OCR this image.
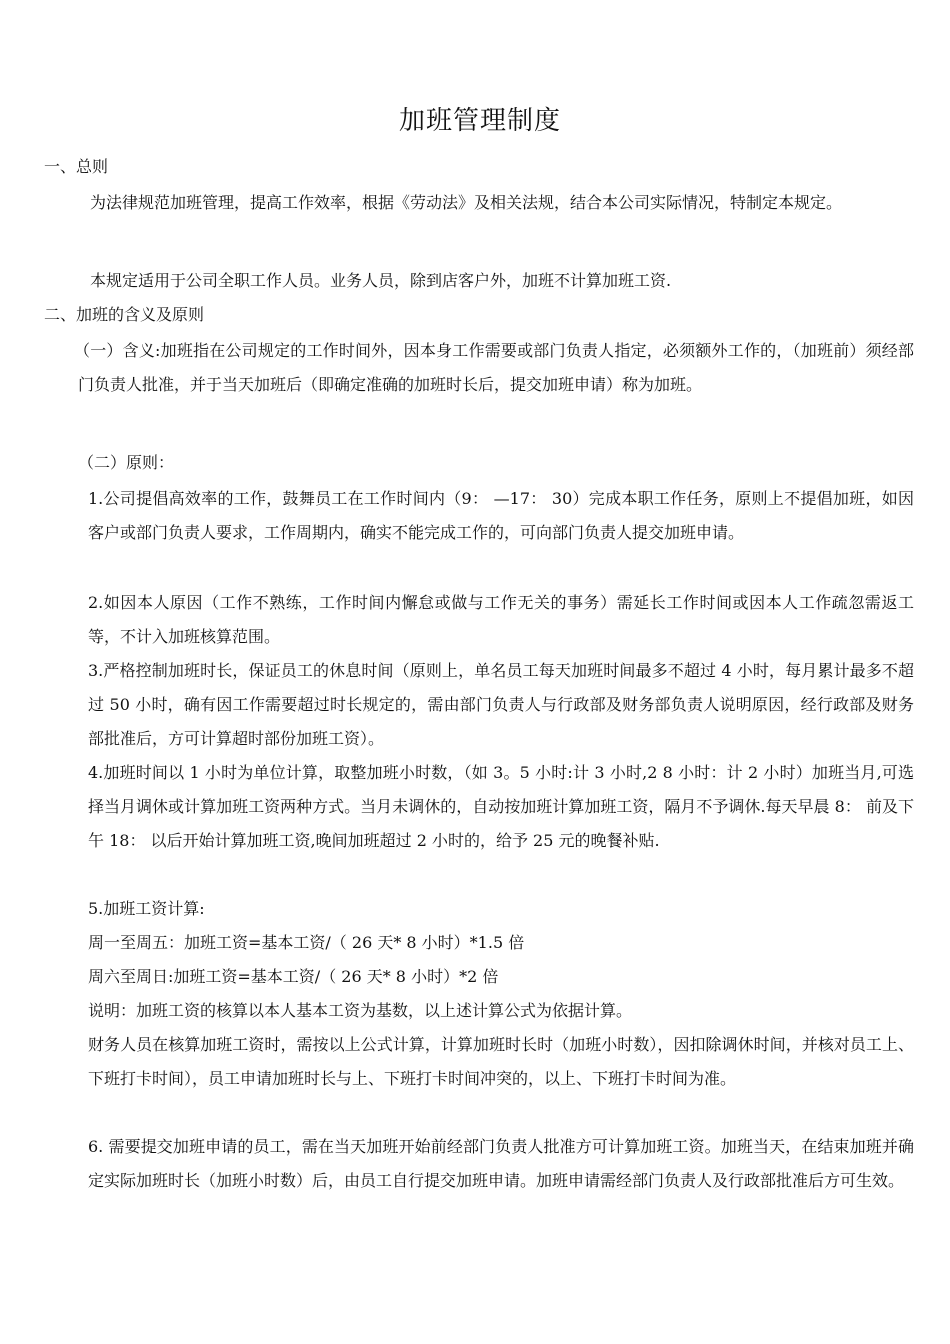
加班管理制度
一、总则
为法律规范加班管理，提高工作效率，根据《劳动法》及相关法规，结合本公司实际情况，特制定本规定。
本规定适用于公司全职工作人员。业务人员，除到店客户外，加班不计算加班工资.
二、加班的含义及原则
（一）含义:加班指在公司规定的工作时间外，因本身工作需要或部门负责人指定，必须额外工作的，（加班前）须经部门负责人批准，并于当天加班后（即确定准确的加班时长后，提交加班申请）称为加班。
（二）原则：
1.公司提倡高效率的工作，鼓舞员工在工作时间内（9： —17： 30）完成本职工作任务，原则上不提倡加班，如因客户或部门负责人要求，工作周期内，确实不能完成工作的，可向部门负责人提交加班申请。
2.如因本人原因（工作不熟练，工作时间内懈怠或做与工作无关的事务）需延长工作时间或因本人工作疏忽需返工等，不计入加班核算范围。
3.严格控制加班时长，保证员工的休息时间（原则上，单名员工每天加班时间最多不超过 4 小时，每月累计最多不超过 50 小时，确有因工作需要超过时长规定的，需由部门负责人与行政部及财务部负责人说明原因，经行政部及财务部批准后，方可计算超时部份加班工资）。
4.加班时间以 1 小时为单位计算，取整加班小时数，（如 3。5 小时:计 3 小时,2 8 小时：计 2 小时）加班当月,可选择当月调休或计算加班工资两种方式。当月未调休的，自动按加班计算加班工资，隔月不予调休.每天早晨 8： 前及下午 18： 以后开始计算加班工资,晚间加班超过 2 小时的，给予 25 元的晚餐补贴.
5.加班工资计算:
周一至周五：加班工资=基本工资/（ 26 天* 8 小时）*1.5 倍
周六至周日:加班工资=基本工资/（ 26 天* 8 小时）*2 倍
说明：加班工资的核算以本人基本工资为基数，以上述计算公式为依据计算。
财务人员在核算加班工资时，需按以上公式计算，计算加班时长时（加班小时数），因扣除调休时间，并核对员工上、下班打卡时间），员工申请加班时长与上、下班打卡时间冲突的，以上、下班打卡时间为准。
6. 需要提交加班申请的员工，需在当天加班开始前经部门负责人批准方可计算加班工资。加班当天，在结束加班并确定实际加班时长（加班小时数）后，由员工自行提交加班申请。加班申请需经部门负责人及行政部批准后方可生效。
